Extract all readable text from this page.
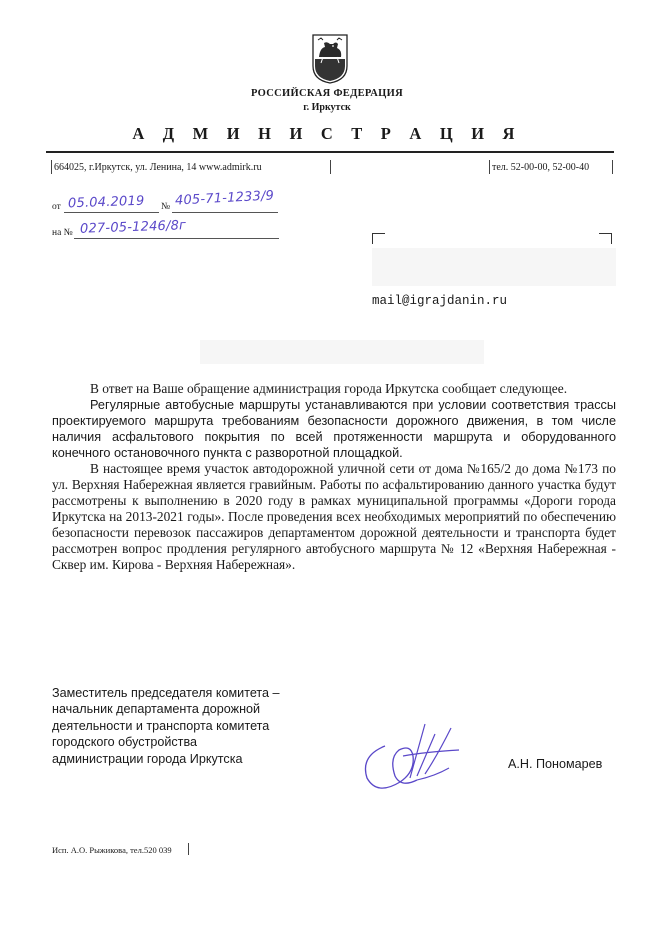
РОССИЙСКАЯ ФЕДЕРАЦИЯ
г. Иркутск
А Д М И Н И С Т Р А Ц И Я
664025, г.Иркутск, ул. Ленина, 14 www.admirk.ru	тел. 52-00-00, 52-00-40
от 05.04.2019 № 405-71-1233/9
на № 027-05-1246/8г
mail@igrajdanin.ru

В ответ на Ваше обращение администрация города Иркутска сообщает следующее.

Регулярные автобусные маршруты устанавливаются при условии соответствия трассы проектируемого маршрута требованиям безопасности дорожного движения, в том числе наличия асфальтового покрытия по всей протяженности маршрута и оборудованного конечного остановочного пункта с разворотной площадкой.

В настоящее время участок автодорожной уличной сети от дома №165/2 до дома №173 по ул. Верхняя Набережная является гравийным. Работы по асфальтированию данного участка будут рассмотрены к выполнению в 2020 году в рамках муниципальной программы «Дороги города Иркутска на 2013-2021 годы». После проведения всех необходимых мероприятий по обеспечению безопасности перевозок пассажиров департаментом дорожной деятельности и транспорта будет рассмотрен вопрос продления регулярного автобусного маршрута № 12 «Верхняя Набережная - Сквер им. Кирова - Верхняя Набережная».

Заместитель председателя комитета –
начальник департамента дорожной
деятельности и транспорта комитета
городского обустройства
администрации города Иркутска	А.Н. Пономарев
Исп. А.О. Рыжикова, тел.520 039
